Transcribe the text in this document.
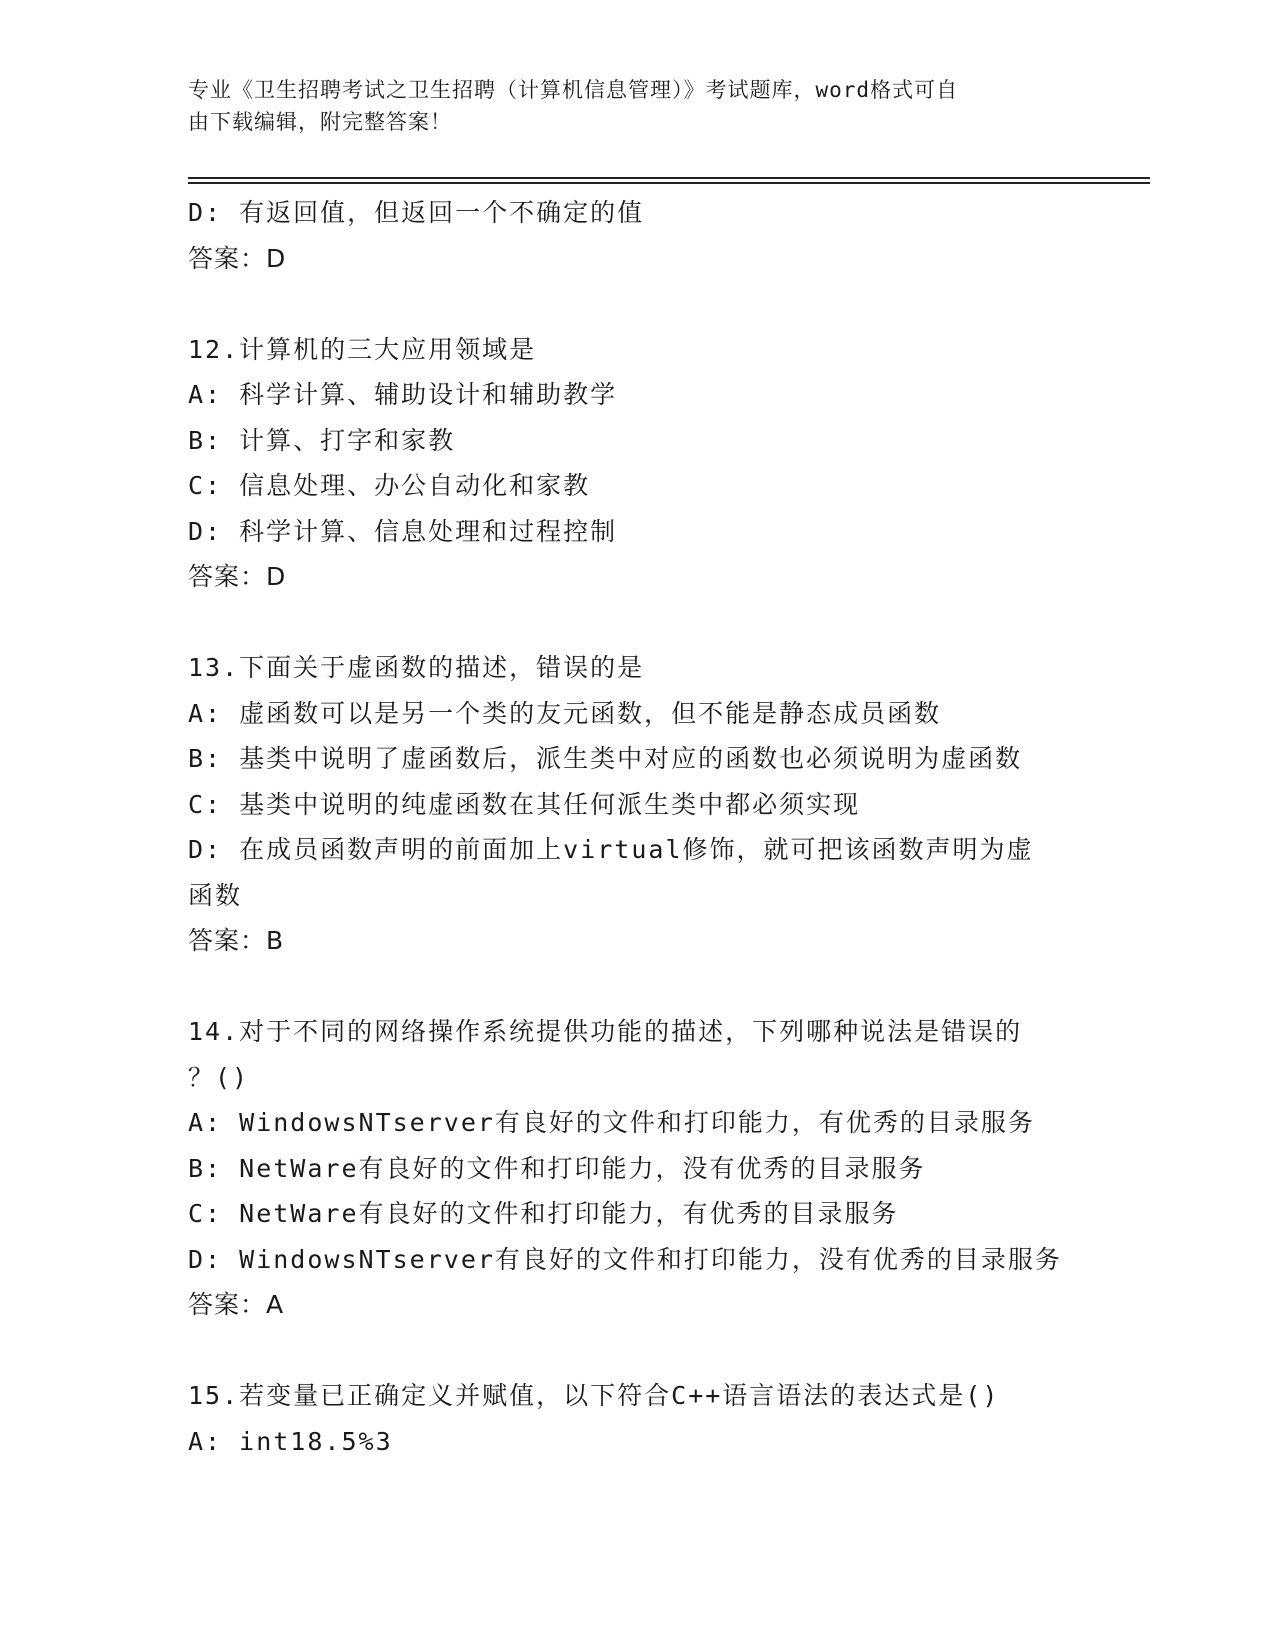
专业《卫生招聘考试之卫生招聘（计算机信息管理）》考试题库，word格式可自
由下载编辑，附完整答案！
D: 有返回值，但返回一个不确定的值
答案：D
12.计算机的三大应用领域是
A: 科学计算、辅助设计和辅助教学
B: 计算、打字和家教
C: 信息处理、办公自动化和家教
D: 科学计算、信息处理和过程控制
答案：D
13.下面关于虚函数的描述，错误的是
A: 虚函数可以是另一个类的友元函数，但不能是静态成员函数
B: 基类中说明了虚函数后，派生类中对应的函数也必须说明为虚函数
C: 基类中说明的纯虚函数在其任何派生类中都必须实现
D: 在成员函数声明的前面加上virtual修饰，就可把该函数声明为虚
函数
答案：B
14.对于不同的网络操作系统提供功能的描述，下列哪种说法是错误的
？()
A: WindowsNTserver有良好的文件和打印能力，有优秀的目录服务
B: NetWare有良好的文件和打印能力，没有优秀的目录服务
C: NetWare有良好的文件和打印能力，有优秀的目录服务
D: WindowsNTserver有良好的文件和打印能力，没有优秀的目录服务
答案：A
15.若变量已正确定义并赋值，以下符合C++语言语法的表达式是()
A: int18.5%3
